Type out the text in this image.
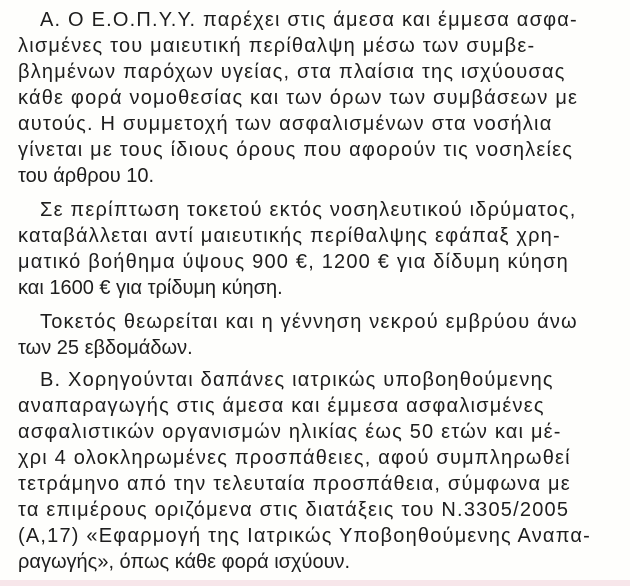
Α. Ο Ε.Ο.Π.Υ.Υ. παρέχει στις άμεσα και έμμεσα ασφα-
λισμένες του μαιευτική περίθαλψη μέσω των συμβε-
βλημένων παρόχων υγείας, στα πλαίσια της ισχύουσας
κάθε φορά νομοθεσίας και των όρων των συμβάσεων με
αυτούς. Η συμμετοχή των ασφαλισμένων στα νοσήλια
γίνεται με τους ίδιους όρους που αφορούν τις νοσηλείες
του άρθρου 10.
Σε περίπτωση τοκετού εκτός νοσηλευτικού ιδρύματος,
καταβάλλεται αντί μαιευτικής περίθαλψης εφάπαξ χρη-
ματικό βοήθημα ύψους 900 €, 1200 € για δίδυμη κύηση
και 1600 € για τρίδυμη κύηση.
Τοκετός θεωρείται και η γέννηση νεκρού εμβρύου άνω
των 25 εβδομάδων.
Β. Χορηγούνται δαπάνες ιατρικώς υποβοηθούμενης
αναπαραγωγής στις άμεσα και έμμεσα ασφαλισμένες
ασφαλιστικών οργανισμών ηλικίας έως 50 ετών και μέ-
χρι 4 ολοκληρωμένες προσπάθειες, αφού συμπληρωθεί
τετράμηνο από την τελευταία προσπάθεια, σύμφωνα με
τα επιμέρους οριζόμενα στις διατάξεις του Ν.3305/2005
(Α,17) «Εφαρμογή της Ιατρικώς Υποβοηθούμενης Αναπα-
ραγωγής», όπως κάθε φορά ισχύουν.
